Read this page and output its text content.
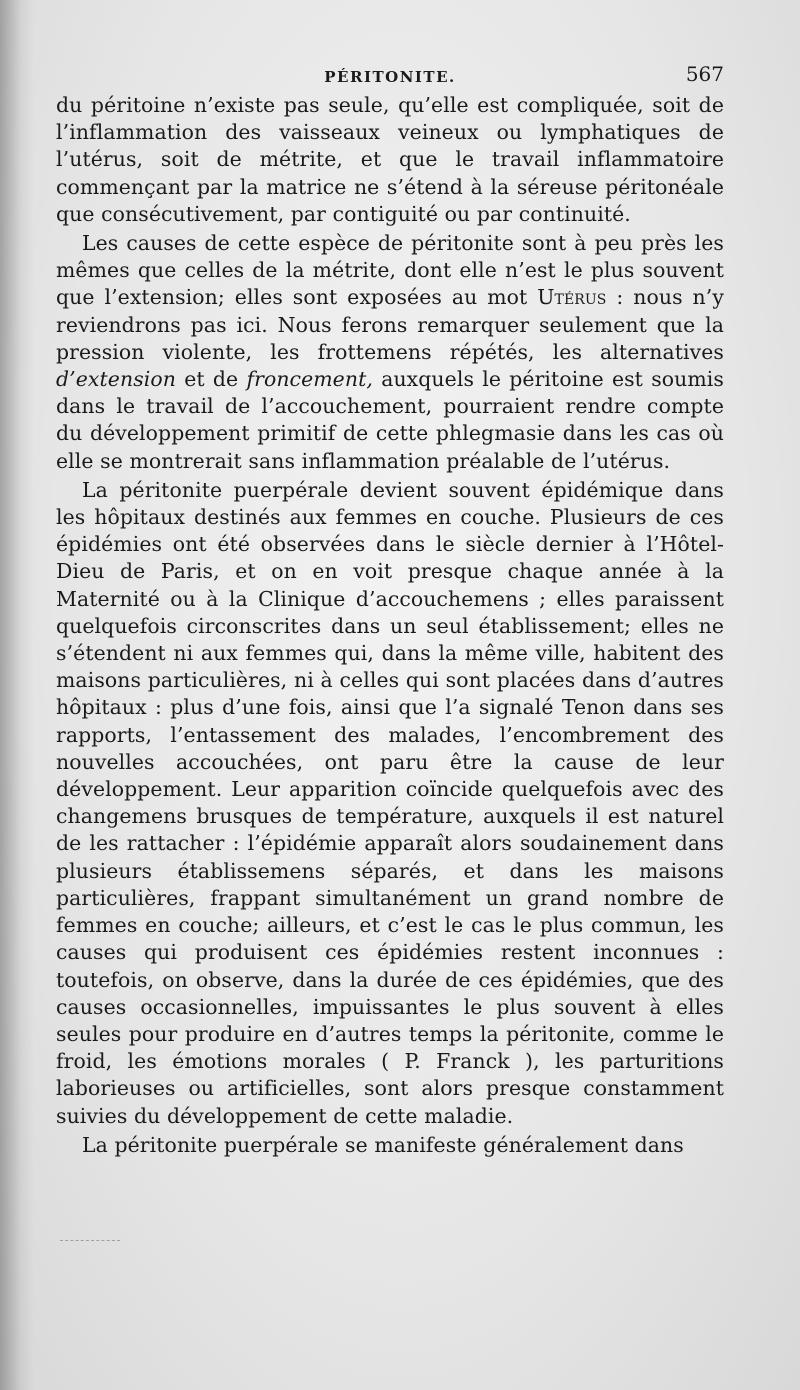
PÉRITONITE.	567

du péritoine n’existe pas seule, qu’elle est compliquée, soit de l’inflammation des vaisseaux veineux ou lymphatiques de l’utérus, soit de métrite, et que le travail inflammatoire commençant par la matrice ne s’étend à la séreuse péritonéale que consécutivement, par contiguité ou par continuité.

Les causes de cette espèce de péritonite sont à peu près les mêmes que celles de la métrite, dont elle n’est le plus souvent que l’extension; elles sont exposées au mot Utérus : nous n’y reviendrons pas ici. Nous ferons remarquer seulement que la pression violente, les frottemens répétés, les alternatives d’extension et de froncement, auxquels le péritoine est soumis dans le travail de l’accouchement, pourraient rendre compte du développement primitif de cette phlegmasie dans les cas où elle se montrerait sans inflammation préalable de l’utérus.

La péritonite puerpérale devient souvent épidémique dans les hôpitaux destinés aux femmes en couche. Plusieurs de ces épidémies ont été observées dans le siècle dernier à l’Hôtel-Dieu de Paris, et on en voit presque chaque année à la Maternité ou à la Clinique d’accouchemens ; elles paraissent quelquefois circonscrites dans un seul établissement; elles ne s’étendent ni aux femmes qui, dans la même ville, habitent des maisons particulières, ni à celles qui sont placées dans d’autres hôpitaux : plus d’une fois, ainsi que l’a signalé Tenon dans ses rapports, l’entassement des malades, l’encombrement des nouvelles accouchées, ont paru être la cause de leur développement. Leur apparition coïncide quelquefois avec des changemens brusques de température, auxquels il est naturel de les rattacher : l’épidémie apparaît alors soudainement dans plusieurs établissemens séparés, et dans les maisons particulières, frappant simultanément un grand nombre de femmes en couche; ailleurs, et c’est le cas le plus commun, les causes qui produisent ces épidémies restent inconnues : toutefois, on observe, dans la durée de ces épidémies, que des causes occasionnelles, impuissantes le plus souvent à elles seules pour produire en d’autres temps la péritonite, comme le froid, les émotions morales ( P. Franck ), les parturitions laborieuses ou artificielles, sont alors presque constamment suivies du développement de cette maladie.

La péritonite puerpérale se manifeste généralement dans
